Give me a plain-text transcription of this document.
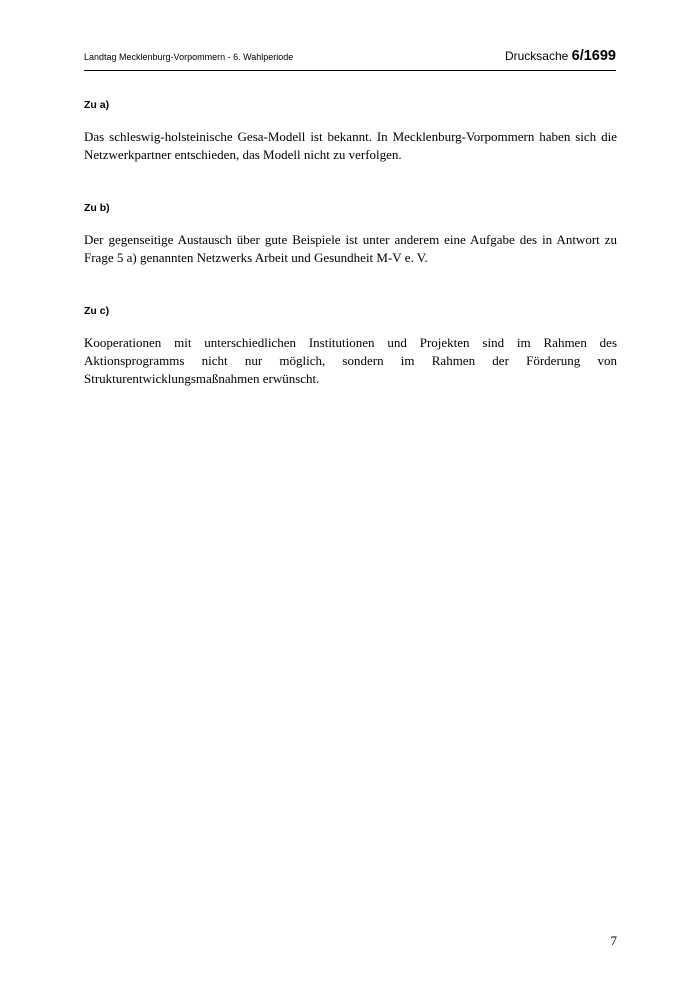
Landtag Mecklenburg-Vorpommern - 6. Wahlperiode	Drucksache 6/1699

Zu a)

Das schleswig-holsteinische Gesa-Modell ist bekannt. In Mecklenburg-Vorpommern haben sich die Netzwerkpartner entschieden, das Modell nicht zu verfolgen.

Zu b)

Der gegenseitige Austausch über gute Beispiele ist unter anderem eine Aufgabe des in Antwort zu Frage 5 a) genannten Netzwerks Arbeit und Gesundheit M-V e. V.

Zu c)

Kooperationen mit unterschiedlichen Institutionen und Projekten sind im Rahmen des Aktionsprogramms nicht nur möglich, sondern im Rahmen der Förderung von Strukturentwicklungsmaßnahmen erwünscht.

7
